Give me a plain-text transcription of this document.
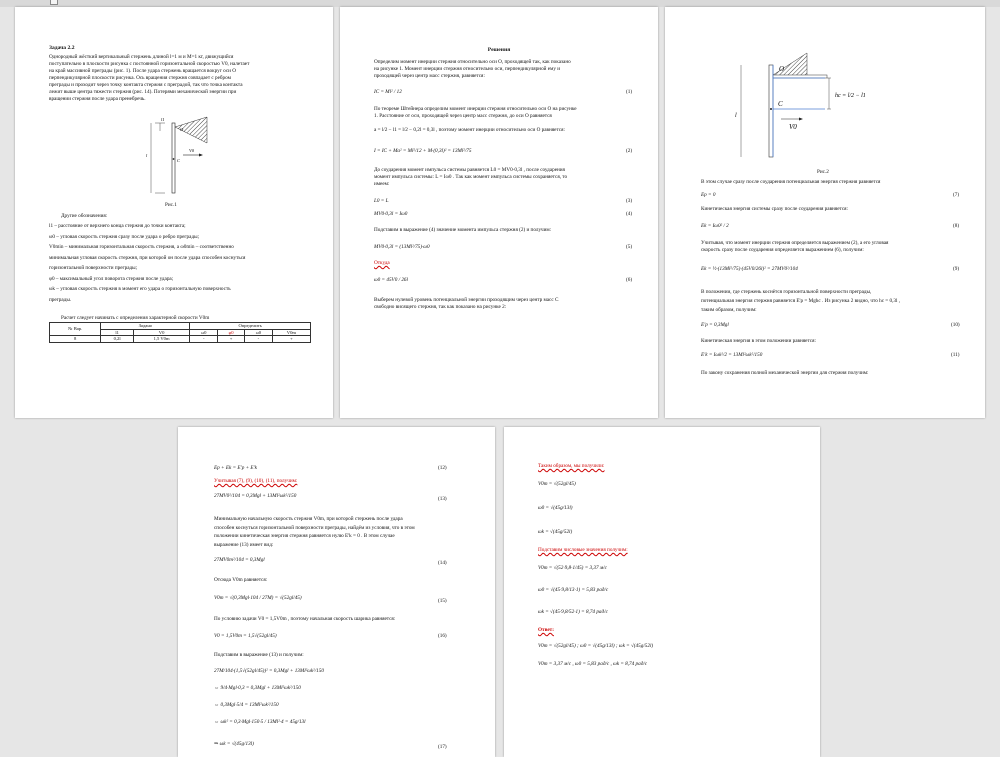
Задача 2.2
Однородный жёсткий вертикальный стержень длиной l=1 м и M=1 кг, движущийся
поступательно в плоскости рисунка с постоянной горизонтальной скоростью V0, налетает
на край массивной преграды (рис. 1). После удара стержень вращается вокруг оси O
перпендикулярной плоскости рисунка. Ось вращения стержня совпадает с ребром
преграды и проходит через точку контакта стержня с преградой, так что точка контакта
лежит выше центра тяжести стержня (рис. 14). Потерями механической энергии при
вращении стержня после удара пренебречь.
l1
l
C
V0
O
Рис.1
Другие обозначения:
l1 – расстояние от верхнего конца стержня до точки контакта;
ω0 – угловая скорость стержня сразу после удара о ребро преграды;
V0min – минимальная горизонтальная скорость стержня, а ω0min – соответственно
минимальная угловая скорость стержня, при которой он после удара способен коснуться
горизонтальной поверхности преграды;
φ0 – максимальный угол поворота стержня после удара;
ωk – угловая скорость стержня в момент его удара о горизонтальную поверхность
преграды.
Расчет следует начинать с определения характерной скорости V0m
№ Вар.	Задано		Определить			
	l1	V0	ω0	φ0	ω0	V0m
8	0,2l	1,5 V0m	-	+	-	+
Решения
Определим момент инерции стержня относительно оси О, проходящей так, как показано
на рисунке 1. Момент инерции стержня относительно оси, перпендикулярной ему и
проходящей через центр масс стержня, равняется:
IC = Ml² / 12	(1)
По теореме Штейнера определим момент инерции стержня относительно оси О на рисунке
1. Расстояние от оси, проходящей через центр масс стержня, до оси О равняется
a = l/2 − l1 = l/2 − 0,2l = 0,3l , поэтому момент инерции относительно оси О равняется:
I = IC + Ma² = Ml²/12 + M·(0,3l)² = 13Ml²/75	(2)
До соударения момент импульса системы равняется L0 = MV0·0,3l , после соударения
момент импульса системы: L = Iω0 . Так как момент импульса системы сохраняется, то
имеем:
L0 = L	(3)
MV0·0,3l = Iω0	(4)
Подставим в выражение (4) значение момента импульса стержня (2) и получим:
MV0·0,3l = (13Ml²/75)·ω0	(5)
Откуда
ω0 = 45V0 / 26l	(6)
Выберем нулевой уровень потенциальной энергии проходящим через центр масс С
свободно висящего стержня, так как показано на рисунке 2:
O
C
V0
hc = l/2 − l1
l
Рис.2
В этом случае сразу после соударения потенциальная энергия стержня равняется
Ep = 0	(7)
Кинетическая энергия системы сразу после соударения равняется:
Ek = Iω0² / 2	(8)
Учитывая, что момент инерции стержня определяется выражением (2), а его угловая
скорость сразу после соударения определяется выражением (6), получим:
Ek = ½·(13Ml²/75)·(45V0/26l)² = 27MV0²/104	(9)
В положении, где стержень коснётся горизонтальной поверхности преграды,
потенциальная энергия стержня равняется E'p = Mghc . Из рисунка 2 видно, что hc = 0,3l ,
таким образом, получим:
E'p = 0,3Mgl	(10)
Кинетическая энергия в этом положении равняется:
E'k = Iωk²/2 = 13Ml²ωk²/150	(11)
По закону сохранения полной механической энергии для стержня получим:
Ep + Ek = E'p + E'k	(12)
Учитывая (7), (9), (10), (11), получим:
27MV0²/104 = 0,3Mgl + 13Ml²ωk²/150	(13)
Минимальную начальную скорость стержня V0m, при которой стержень после удара
способен коснуться горизонтальной поверхности преграды, найдём из условия, что в этом
положении кинетическая энергия стержня равняется нулю E'k = 0 . В этом случае
выражение (13) имеет вид:
27MV0m²/104 = 0,3Mgl	(14)
Отсюда V0m равняется:
V0m = √(0,3Mgl·104 / 27M) = √(52gl/45)	(15)
По условию задачи V0 = 1,5V0m , поэтому начальная скорость шарика равняется:
V0 = 1,5V0m = 1,5√(52gl/45)	(16)
Подставим в выражение (13) и получим:
27M/104·(1,5√(52gl/45))² = 0,3Mgl + 13Ml²ωk²/150
⇔ 9/4·Mgl·0,3 = 0,3Mgl + 13Ml²ωk²/150
⇔ 0,3Mgl·5/4 = 13Ml²ωk²/150
⇔ ωk² = 0,3·Mgl·150·5 / 13Ml²·4 = 45g/13l
⇒ ωk = √(45g/13l)	(17)
Таким образом, мы получили:
V0m = √(52gl/45)
ω0 = √(45g/13l)
ωk = √(45g/52l)
Подставим числовые значения получим:
V0m = √(52·9,8·1/45) = 3,37 м/с
ω0 = √(45·9,8/13·1) = 5,83 рад/с
ωk = √(45·9,8/52·1) = 8,74 рад/с
Ответ:
V0m = √(52gl/45) ; ω0 = √(45g/13l) ; ωk = √(45g/52l)
V0m = 3,37 м/с , ω0 = 5,83 рад/с , ωk = 8,74 рад/с
